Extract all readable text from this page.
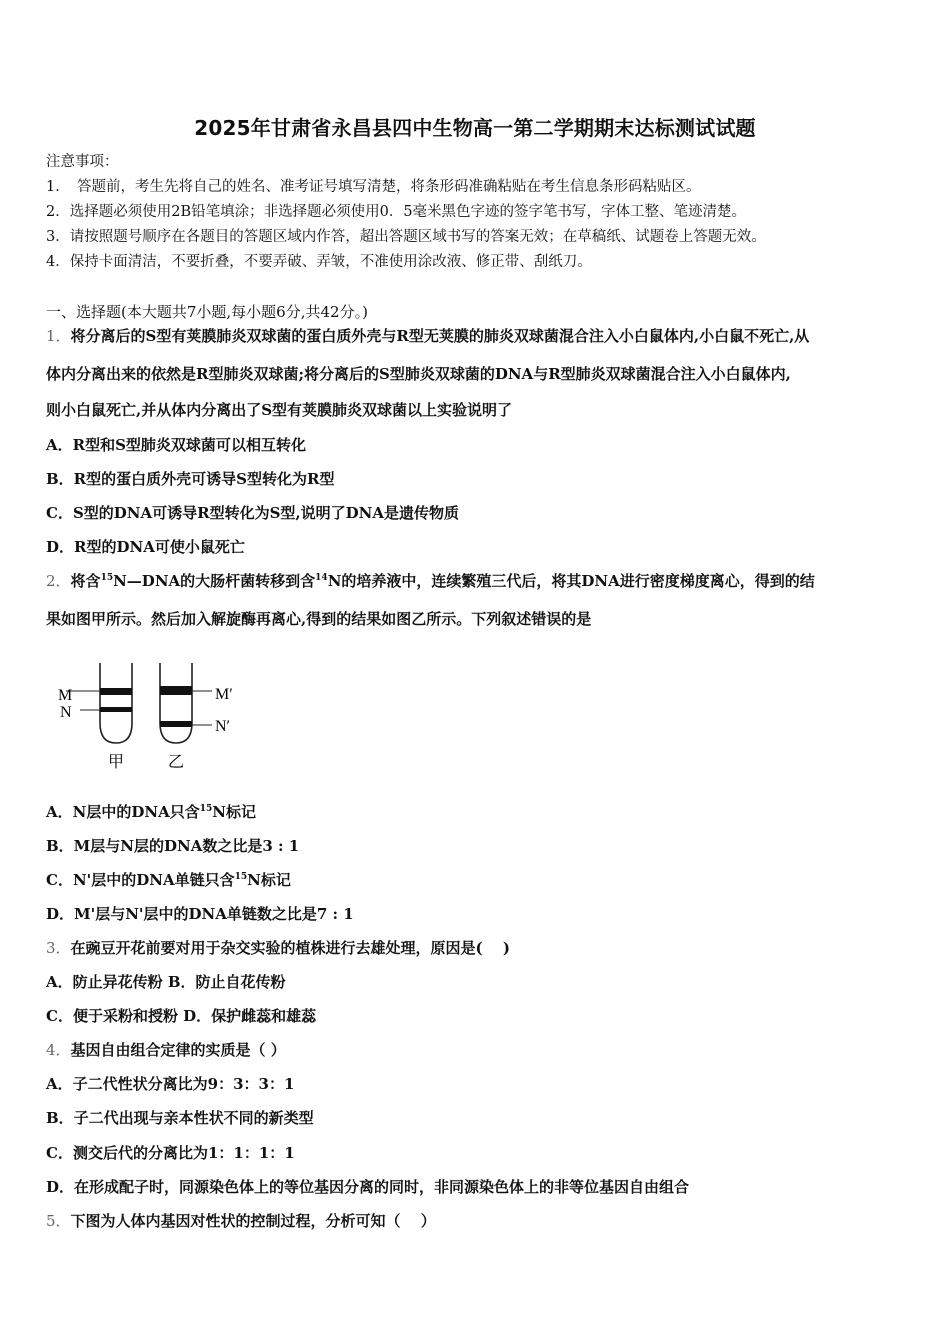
2025年甘肃省永昌县四中生物高一第二学期期末达标测试试题
注意事项：
1．　答题前，考生先将自己的姓名、准考证号填写清楚，将条形码准确粘贴在考生信息条形码粘贴区。
2．选择题必须使用2B铅笔填涂；非选择题必须使用0．5毫米黑色字迹的签字笔书写，字体工整、笔迹清楚。
3．请按照题号顺序在各题目的答题区域内作答，超出答题区域书写的答案无效；在草稿纸、试题卷上答题无效。
4．保持卡面清洁，不要折叠，不要弄破、弄皱，不准使用涂改液、修正带、刮纸刀。
一、选择题(本大题共7小题,每小题6分,共42分。)
1．将分离后的S型有荚膜肺炎双球菌的蛋白质外壳与R型无荚膜的肺炎双球菌混合注入小白鼠体内,小白鼠不死亡,从
体内分离出来的依然是R型肺炎双球菌;将分离后的S型肺炎双球菌的DNA与R型肺炎双球菌混合注入小白鼠体内,
则小白鼠死亡,并从体内分离出了S型有荚膜肺炎双球菌以上实验说明了
A．R型和S型肺炎双球菌可以相互转化
B．R型的蛋白质外壳可诱导S型转化为R型
C．S型的DNA可诱导R型转化为S型,说明了DNA是遗传物质
D．R型的DNA可使小鼠死亡
2．将含$^{15}$N—DNA的大肠杆菌转移到含$^{14}$N的培养液中，连续繁殖三代后，将其DNA进行密度梯度离心，得到的结
果如图甲所示。然后加入解旋酶再离心,得到的结果如图乙所示。下列叙述错误的是
M
N
甲
M′
N′
乙
A．N层中的DNA只含$^{15}$N标记
B．M层与N层的DNA数之比是3 : 1
C．N'层中的DNA单链只含$^{15}$N标记
D．M'层与N'层中的DNA单链数之比是7 : 1
3．在豌豆开花前要对用于杂交实验的植株进行去雄处理，原因是(　 )
A．防止异花传粉 B．防止自花传粉
C．便于采粉和授粉 D．保护雌蕊和雄蕊
4．基因自由组合定律的实质是（ ）
A．子二代性状分离比为9：3：3：1
B．子二代出现与亲本性状不同的新类型
C．测交后代的分离比为1：1：1：1
D．在形成配子时，同源染色体上的等位基因分离的同时，非同源染色体上的非等位基因自由组合
5．下图为人体内基因对性状的控制过程，分析可知（　 ）
